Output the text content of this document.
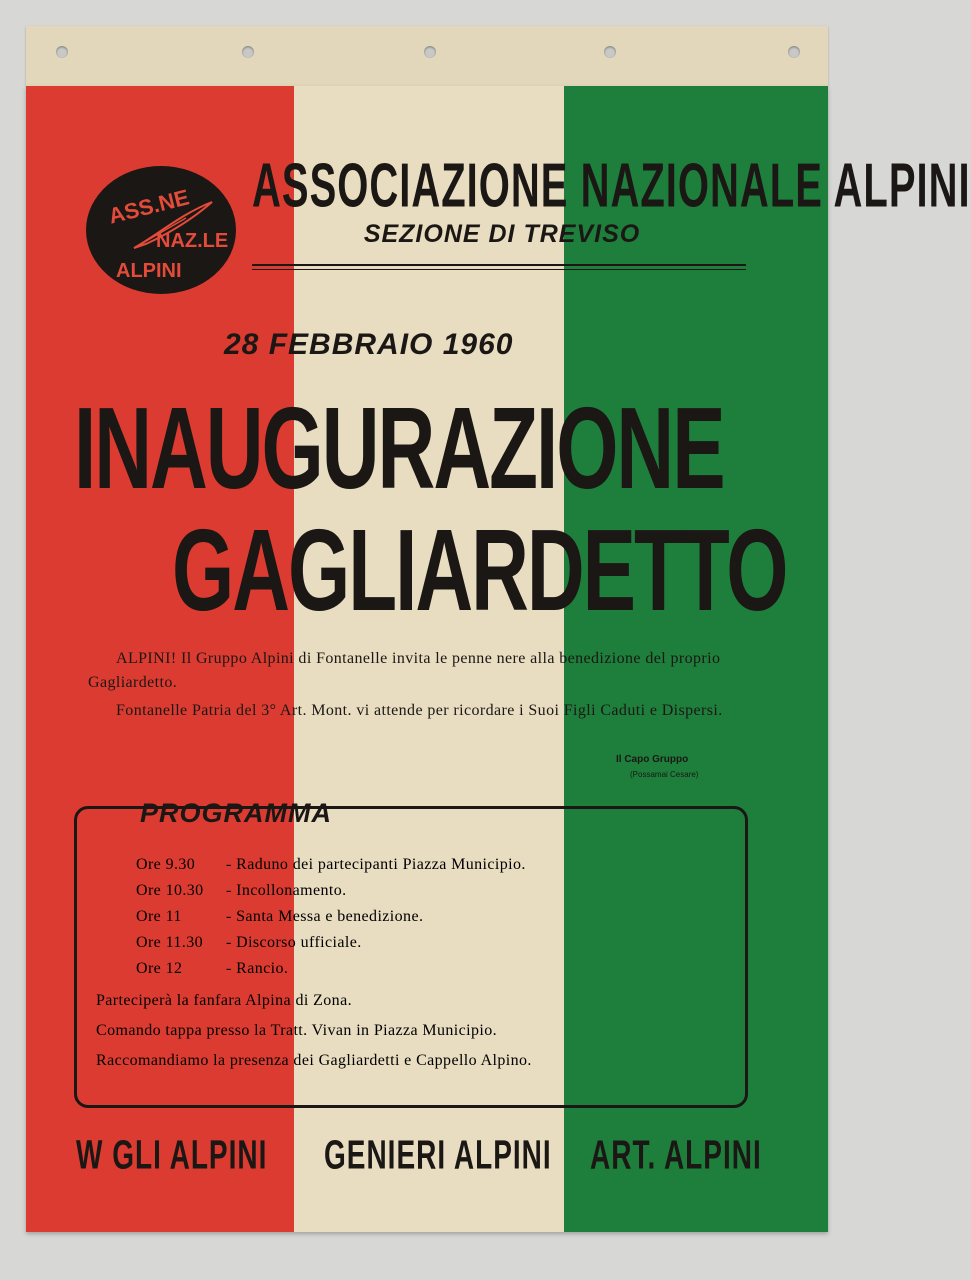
ASS.NE
NAZ.LE
ALPINI
ASSOCIAZIONE NAZIONALE ALPINI
SEZIONE DI TREVISO
28 FEBBRAIO 1960
INAUGURAZIONE
GAGLIARDETTO
ALPINI! Il Gruppo Alpini di Fontanelle invita le penne nere alla benedizione del proprio Gagliardetto.
Fontanelle Patria del 3° Art. Mont. vi attende per ricordare i Suoi Figli Caduti e Dispersi.
Il Capo Gruppo
(Possamai Cesare)
PROGRAMMA
Ore 9.30 - Raduno dei partecipanti Piazza Municipio.
Ore 10.30 - Incollonamento.
Ore 11	- Santa Messa e benedizione.
Ore 11.30 - Discorso ufficiale.
Ore 12	- Rancio.
Parteciperà la fanfara Alpina di Zona.
Comando tappa presso la Tratt. Vivan in Piazza Municipio.
Raccomandiamo la presenza dei Gagliardetti e Cappello Alpino.
W GLI ALPINI GENIERI ALPINI ART. ALPINI
